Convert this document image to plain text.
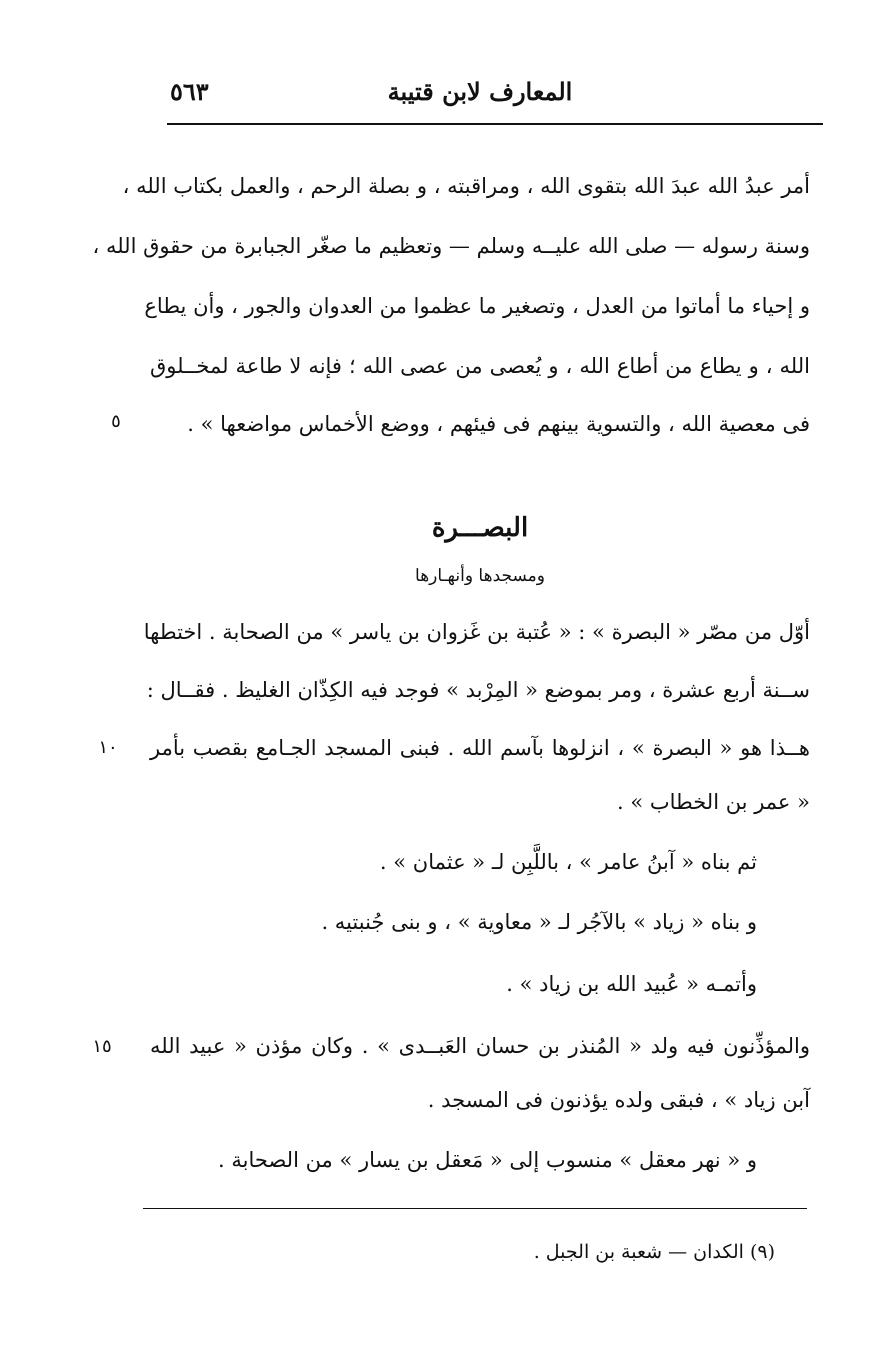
٥٦٣	المعارف لابن قتيبة
أمر عبدُ الله عبدَ الله بتقوى الله ، ومراقبته ، و بصلة الرحم ، والعمل بكتاب الله ،
وسنة رسوله — صلى الله عليــه وسلم — وتعظيم ما صغّر الجبابرة من حقوق الله ،
و إحياء ما أماتوا من العدل ، وتصغير ما عظموا من العدوان والجور ، وأن يطاع
الله ، و يطاع من أطاع الله ، و يُعصى من عصى الله ؛ فإنه لا طاعة لمخــلوق
فى معصية الله ، والتسوية بينهم فى فيئهم ، ووضع الأخماس مواضعها » .
٥
البصـــرة
ومسجدها وأنهـارها
أوّل من مصّر « البصرة » : « عُتبة بن غَزوان بن ياسر » من الصحابة . اختطها
ســنة أربع عشرة ، ومر بموضع « المِرْبد » فوجد فيه الكِذّان الغليظ . فقــال :
هــذا هو « البصرة » ، انزلوها بآسم الله . فبنى المسجد الجـامع بقصب بأمر
١٠
« عمر بن الخطاب » .
ثم بناه « آبنُ عامر » ، باللَّبِن لـ « عثمان » .
و بناه « زياد » بالآجُر لـ « معاوية » ، و بنى جُنبتيه .
وأتمـه « عُبيد الله بن زياد » .
والمؤذِّنون فيه ولد « المُنذر بن حسان العَبــدى » . وكان مؤذن « عبيد الله
١٥
آبن زياد » ، فبقى ولده يؤذنون فى المسجد .
و « نهر معقل » منسوب إلى « مَعقل بن يسار » من الصحابة .
(٩) الكدان — شعبة بن الجبل .
